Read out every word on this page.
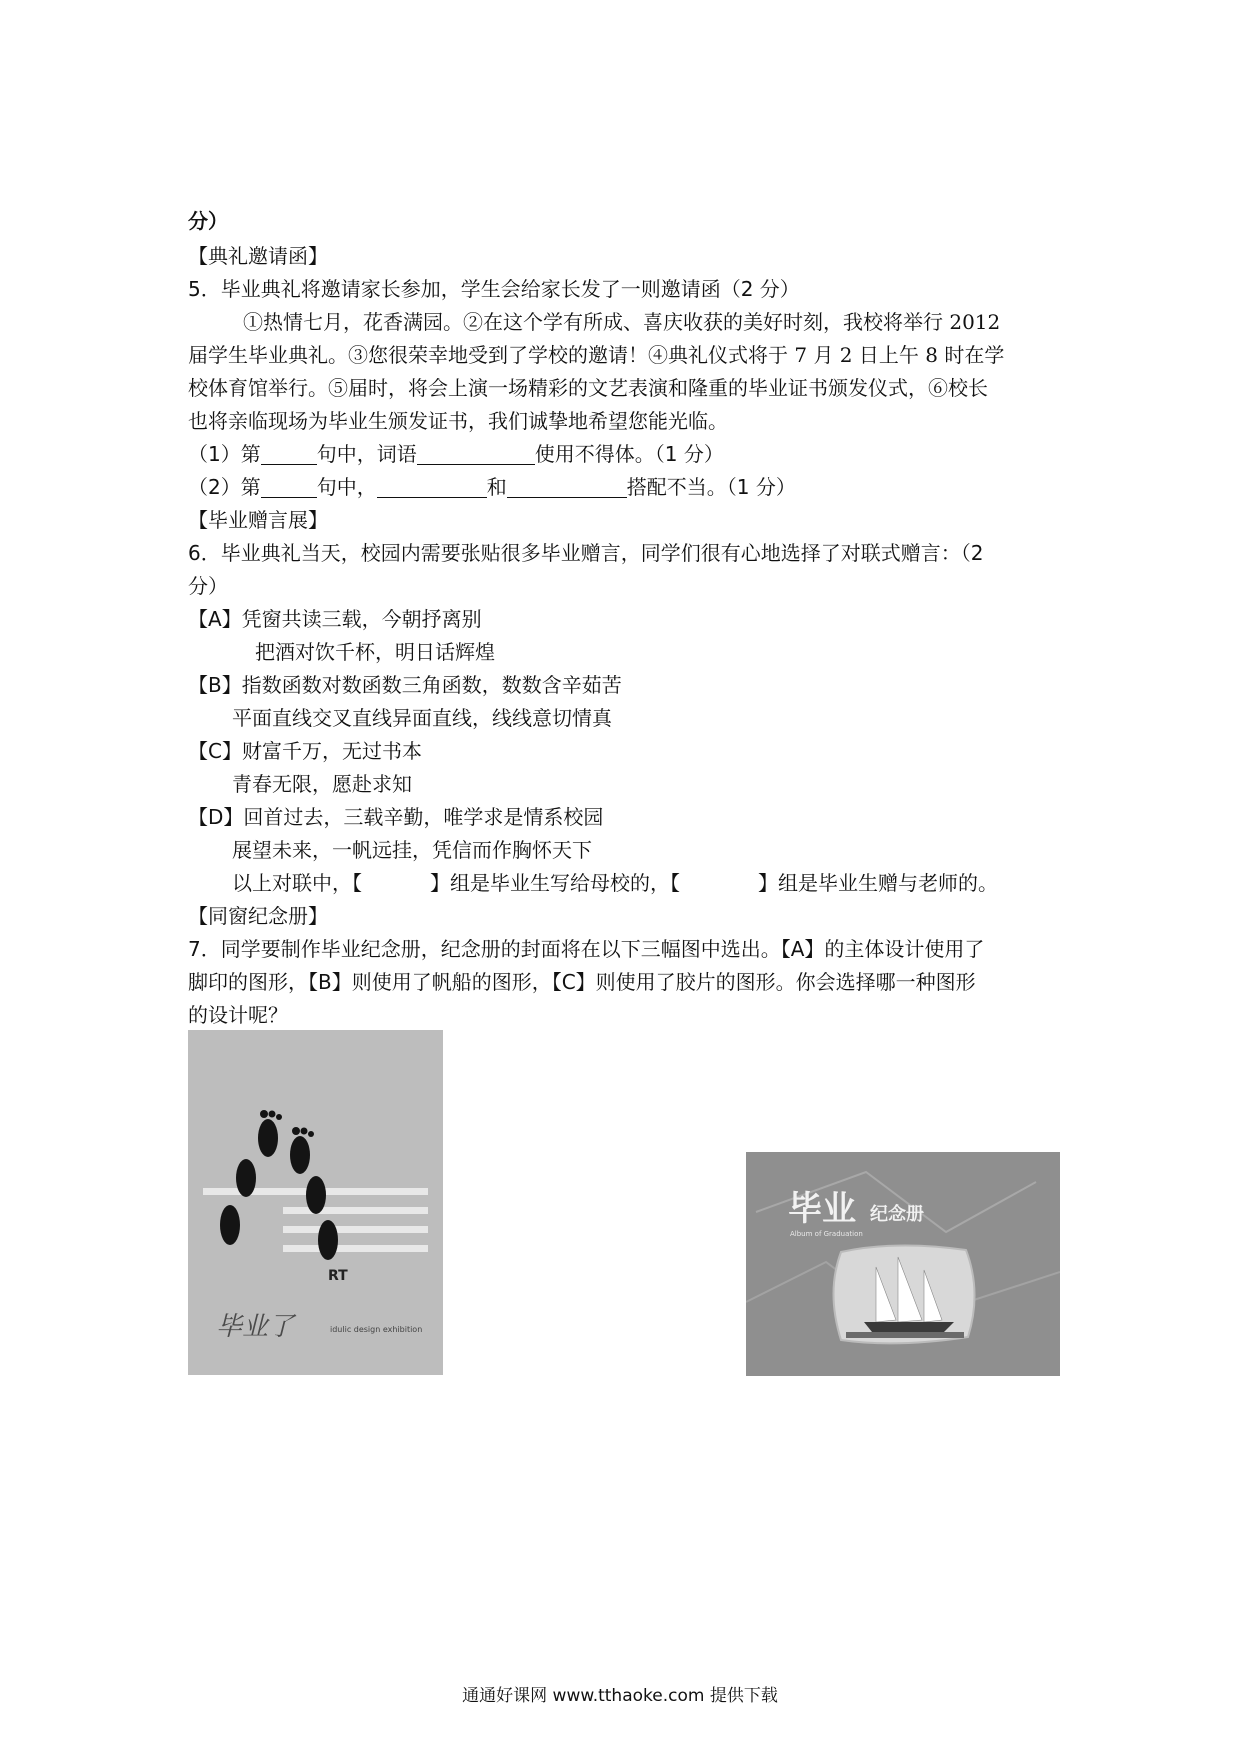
分）
【典礼邀请函】
5．毕业典礼将邀请家长参加，学生会给家长发了一则邀请函（2 分）
①热情七月，花香满园。②在这个学有所成、喜庆收获的美好时刻，我校将举行 2012
届学生毕业典礼。③您很荣幸地受到了学校的邀请！④典礼仪式将于 7 月 2 日上午 8 时在学
校体育馆举行。⑤届时，将会上演一场精彩的文艺表演和隆重的毕业证书颁发仪式，⑥校长
也将亲临现场为毕业生颁发证书，我们诚挚地希望您能光临。
（1）第	句中，词语	使用不得体。（1 分）
（2）第	句中，	和	搭配不当。（1 分）
【毕业赠言展】
6．毕业典礼当天，校园内需要张贴很多毕业赠言，同学们很有心地选择了对联式赠言：（2
分）
【A】凭窗共读三载，今朝抒离别
把酒对饮千杯，明日话辉煌
【B】指数函数对数函数三角函数，数数含辛茹苦
平面直线交叉直线异面直线，线线意切情真
【C】财富千万，无过书本
青春无限，愿赴求知
【D】回首过去，三载辛勤，唯学求是情系校园
展望未来，一帆远挂，凭信而作胸怀天下
以上对联中，【	】组是毕业生写给母校的，【	】组是毕业生赠与老师的。
【同窗纪念册】
7．同学要制作毕业纪念册，纪念册的封面将在以下三幅图中选出。【A】的主体设计使用了
脚印的图形，【B】则使用了帆船的图形，【C】则使用了胶片的图形。你会选择哪一种图形
的设计呢？
RT
毕业了	idulic design exhibition
毕业 纪念册
Album of Graduation
通通好课网 www.tthaoke.com 提供下载
